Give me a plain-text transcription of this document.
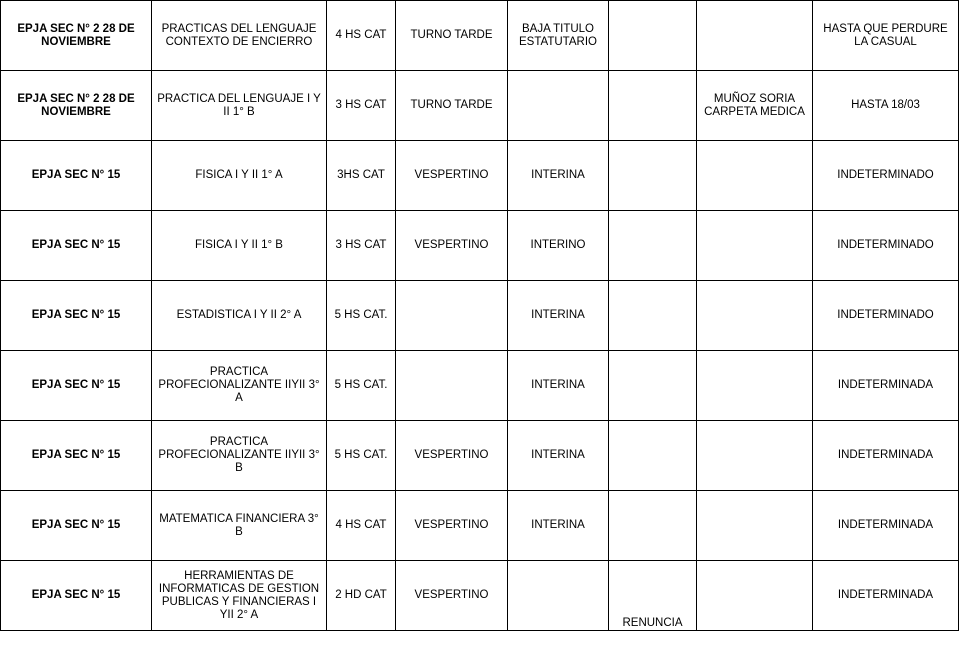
EPJA SEC N° 2 28 DE NOVIEMBRE	PRACTICAS DEL LENGUAJE CONTEXTO DE ENCIERRO	4 HS CAT	TURNO TARDE	BAJA TITULO ESTATUTARIO			HASTA QUE PERDURE LA CASUAL
EPJA SEC N° 2 28 DE NOVIEMBRE	PRACTICA DEL LENGUAJE I Y II 1° B	3 HS CAT	TURNO TARDE			MUÑOZ SORIA CARPETA MEDICA	HASTA 18/03
EPJA SEC N° 15	FISICA I Y II 1° A	3HS CAT	VESPERTINO	INTERINA			INDETERMINADO
EPJA SEC N° 15	FISICA I Y II 1° B	3 HS CAT	VESPERTINO	INTERINO			INDETERMINADO
EPJA SEC N° 15	ESTADISTICA I Y II 2° A	5 HS CAT.		INTERINA			INDETERMINADO
EPJA SEC N° 15	PRACTICA PROFECIONALIZANTE IIYII 3° A	5 HS CAT.		INTERINA			INDETERMINADA
EPJA SEC N° 15	PRACTICA PROFECIONALIZANTE IIYII 3° B	5 HS CAT.	VESPERTINO	INTERINA			INDETERMINADA
EPJA SEC N° 15	MATEMATICA FINANCIERA 3° B	4 HS CAT	VESPERTINO	INTERINA			INDETERMINADA
EPJA SEC N° 15	HERRAMIENTAS DE INFORMATICAS DE GESTION PUBLICAS Y FINANCIERAS I YII 2° A	2 HD CAT	VESPERTINO		RENUNCIA		INDETERMINADA
